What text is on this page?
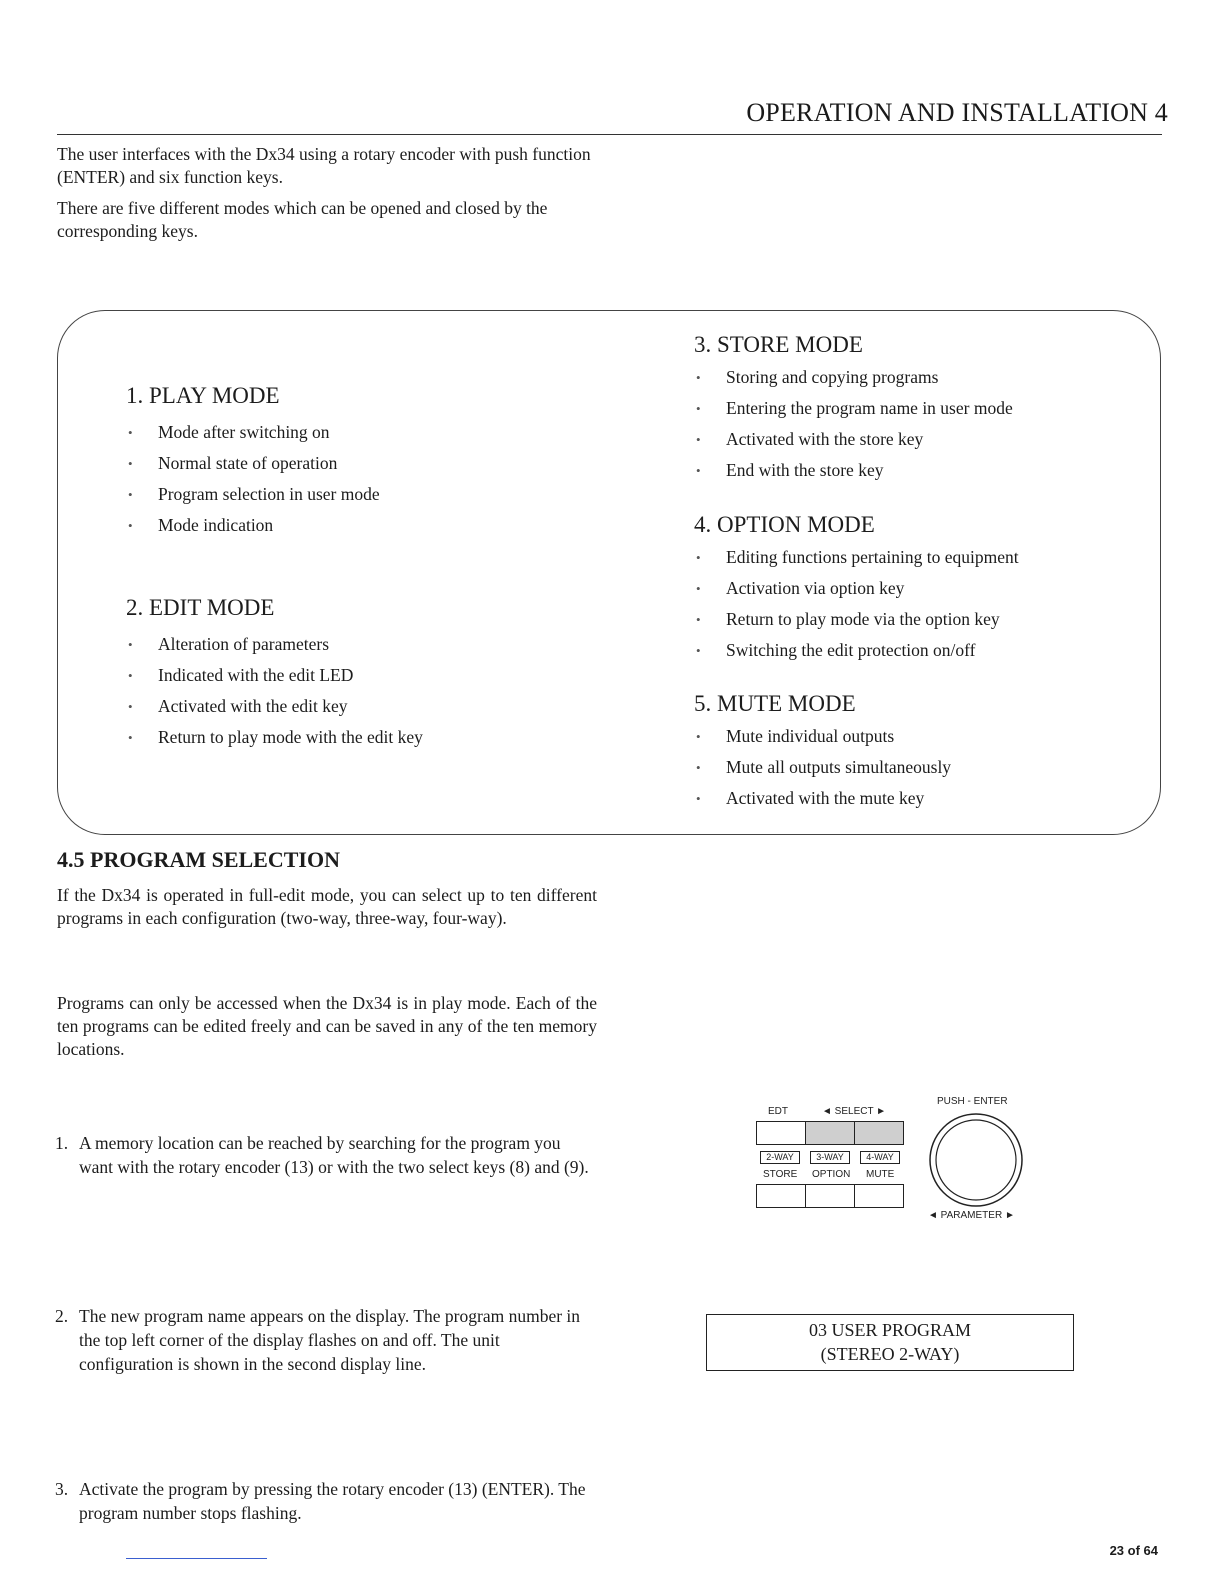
OPERATION AND INSTALLATION 4
The user interfaces with the Dx34 using a rotary encoder with push function (ENTER) and six function keys.
There are five different modes which can be opened and closed by the corresponding keys.
1. PLAY MODE
• Mode after switching on
• Normal state of operation
• Program selection in user mode
• Mode indication
2. EDIT MODE
• Alteration of parameters
• Indicated with the edit LED
• Activated with the edit key
• Return to play mode with the edit key
3. STORE MODE
• Storing and copying programs
• Entering the program name in user mode
• Activated with the store key
• End with the store key
4. OPTION MODE
• Editing functions pertaining to equipment
• Activation via option key
• Return to play mode via the option key
• Switching the edit protection on/off
5. MUTE MODE
• Mute individual outputs
• Mute all outputs simultaneously
• Activated with the mute key
4.5 PROGRAM SELECTION
If the Dx34 is operated in full-edit mode, you can select up to ten different programs in each configuration (two-way, three-way, four-way).
Programs can only be accessed when the Dx34 is in play mode. Each of the ten programs can be edited freely and can be saved in any of the ten memory locations.
1. A memory location can be reached by searching for the program you want with the rotary encoder (13) or with the two select keys (8) and (9).
2. The new program name appears on the display. The program number in the top left corner of the display flashes on and off. The unit configuration is shown in the second display line.
3. Activate the program by pressing the rotary encoder (13) (ENTER). The program number stops flashing.
EDT	◄ SELECT ►
PUSH - ENTER
2-WAY	3-WAY	4-WAY
STORE OPTION MUTE
◄ PARAMETER ►
03 USER PROGRAM
(STEREO 2-WAY)
23 of 64
